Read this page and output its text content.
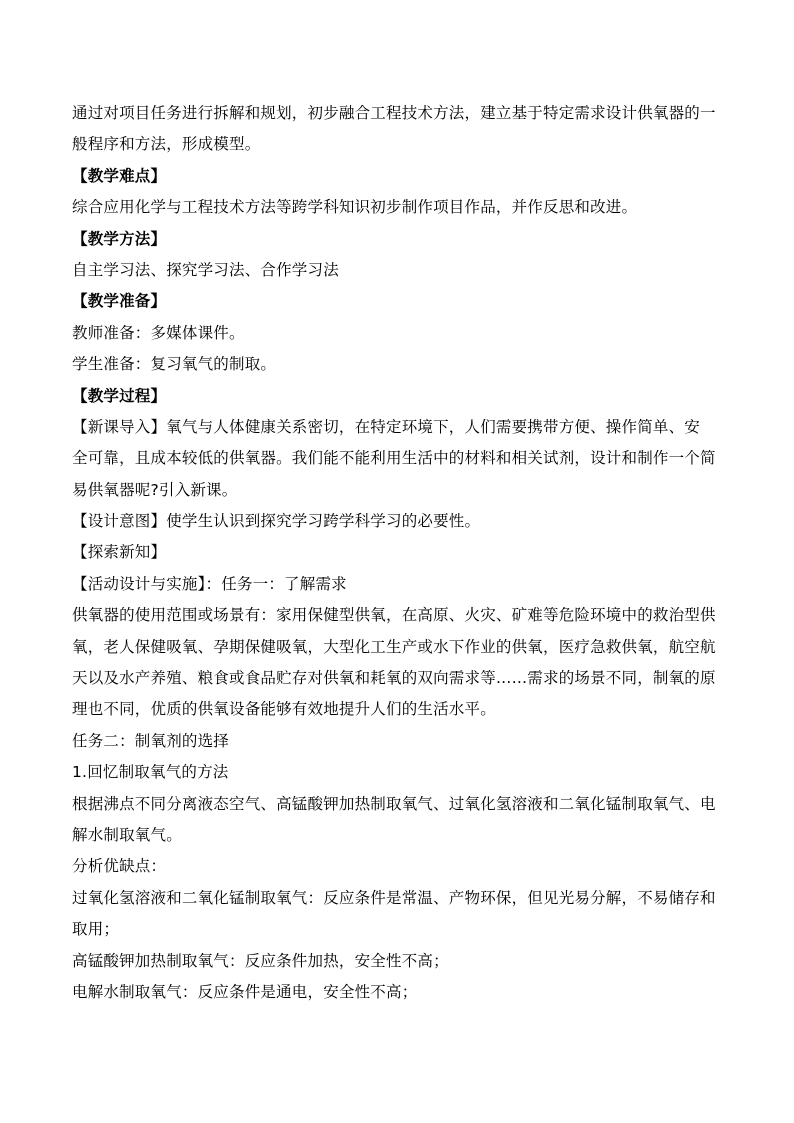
通过对项目任务进行拆解和规划，初步融合工程技术方法，建立基于特定需求设计供氧器的一
般程序和方法，形成模型。
【教学难点】
综合应用化学与工程技术方法等跨学科知识初步制作项目作品，并作反思和改进。
【教学方法】
自主学习法、探究学习法、合作学习法
【教学准备】
教师准备：多媒体课件。
学生准备：复习氧气的制取。
【教学过程】
【新课导入】氧气与人体健康关系密切，在特定环境下，人们需要携带方便、操作简单、安
全可靠，且成本较低的供氧器。我们能不能利用生活中的材料和相关试剂，设计和制作一个简
易供氧器呢?引入新课。
【设计意图】使学生认识到探究学习跨学科学习的必要性。
【探索新知】
【活动设计与实施】：任务一：了解需求
供氧器的使用范围或场景有：家用保健型供氧，在高原、火灾、矿难等危险环境中的救治型供
氧，老人保健吸氧、孕期保健吸氧，大型化工生产或水下作业的供氧，医疗急救供氧，航空航
天以及水产养殖、粮食或食品贮存对供氧和耗氧的双向需求等……需求的场景不同，制氧的原
理也不同，优质的供氧设备能够有效地提升人们的生活水平。
任务二：制氧剂的选择
1.回忆制取氧气的方法
根据沸点不同分离液态空气、高锰酸钾加热制取氧气、过氧化氢溶液和二氧化锰制取氧气、电
解水制取氧气。
分析优缺点：
过氧化氢溶液和二氧化锰制取氧气：反应条件是常温、产物环保，但见光易分解，不易储存和
取用；
高锰酸钾加热制取氧气：反应条件加热，安全性不高；
电解水制取氧气：反应条件是通电，安全性不高；
